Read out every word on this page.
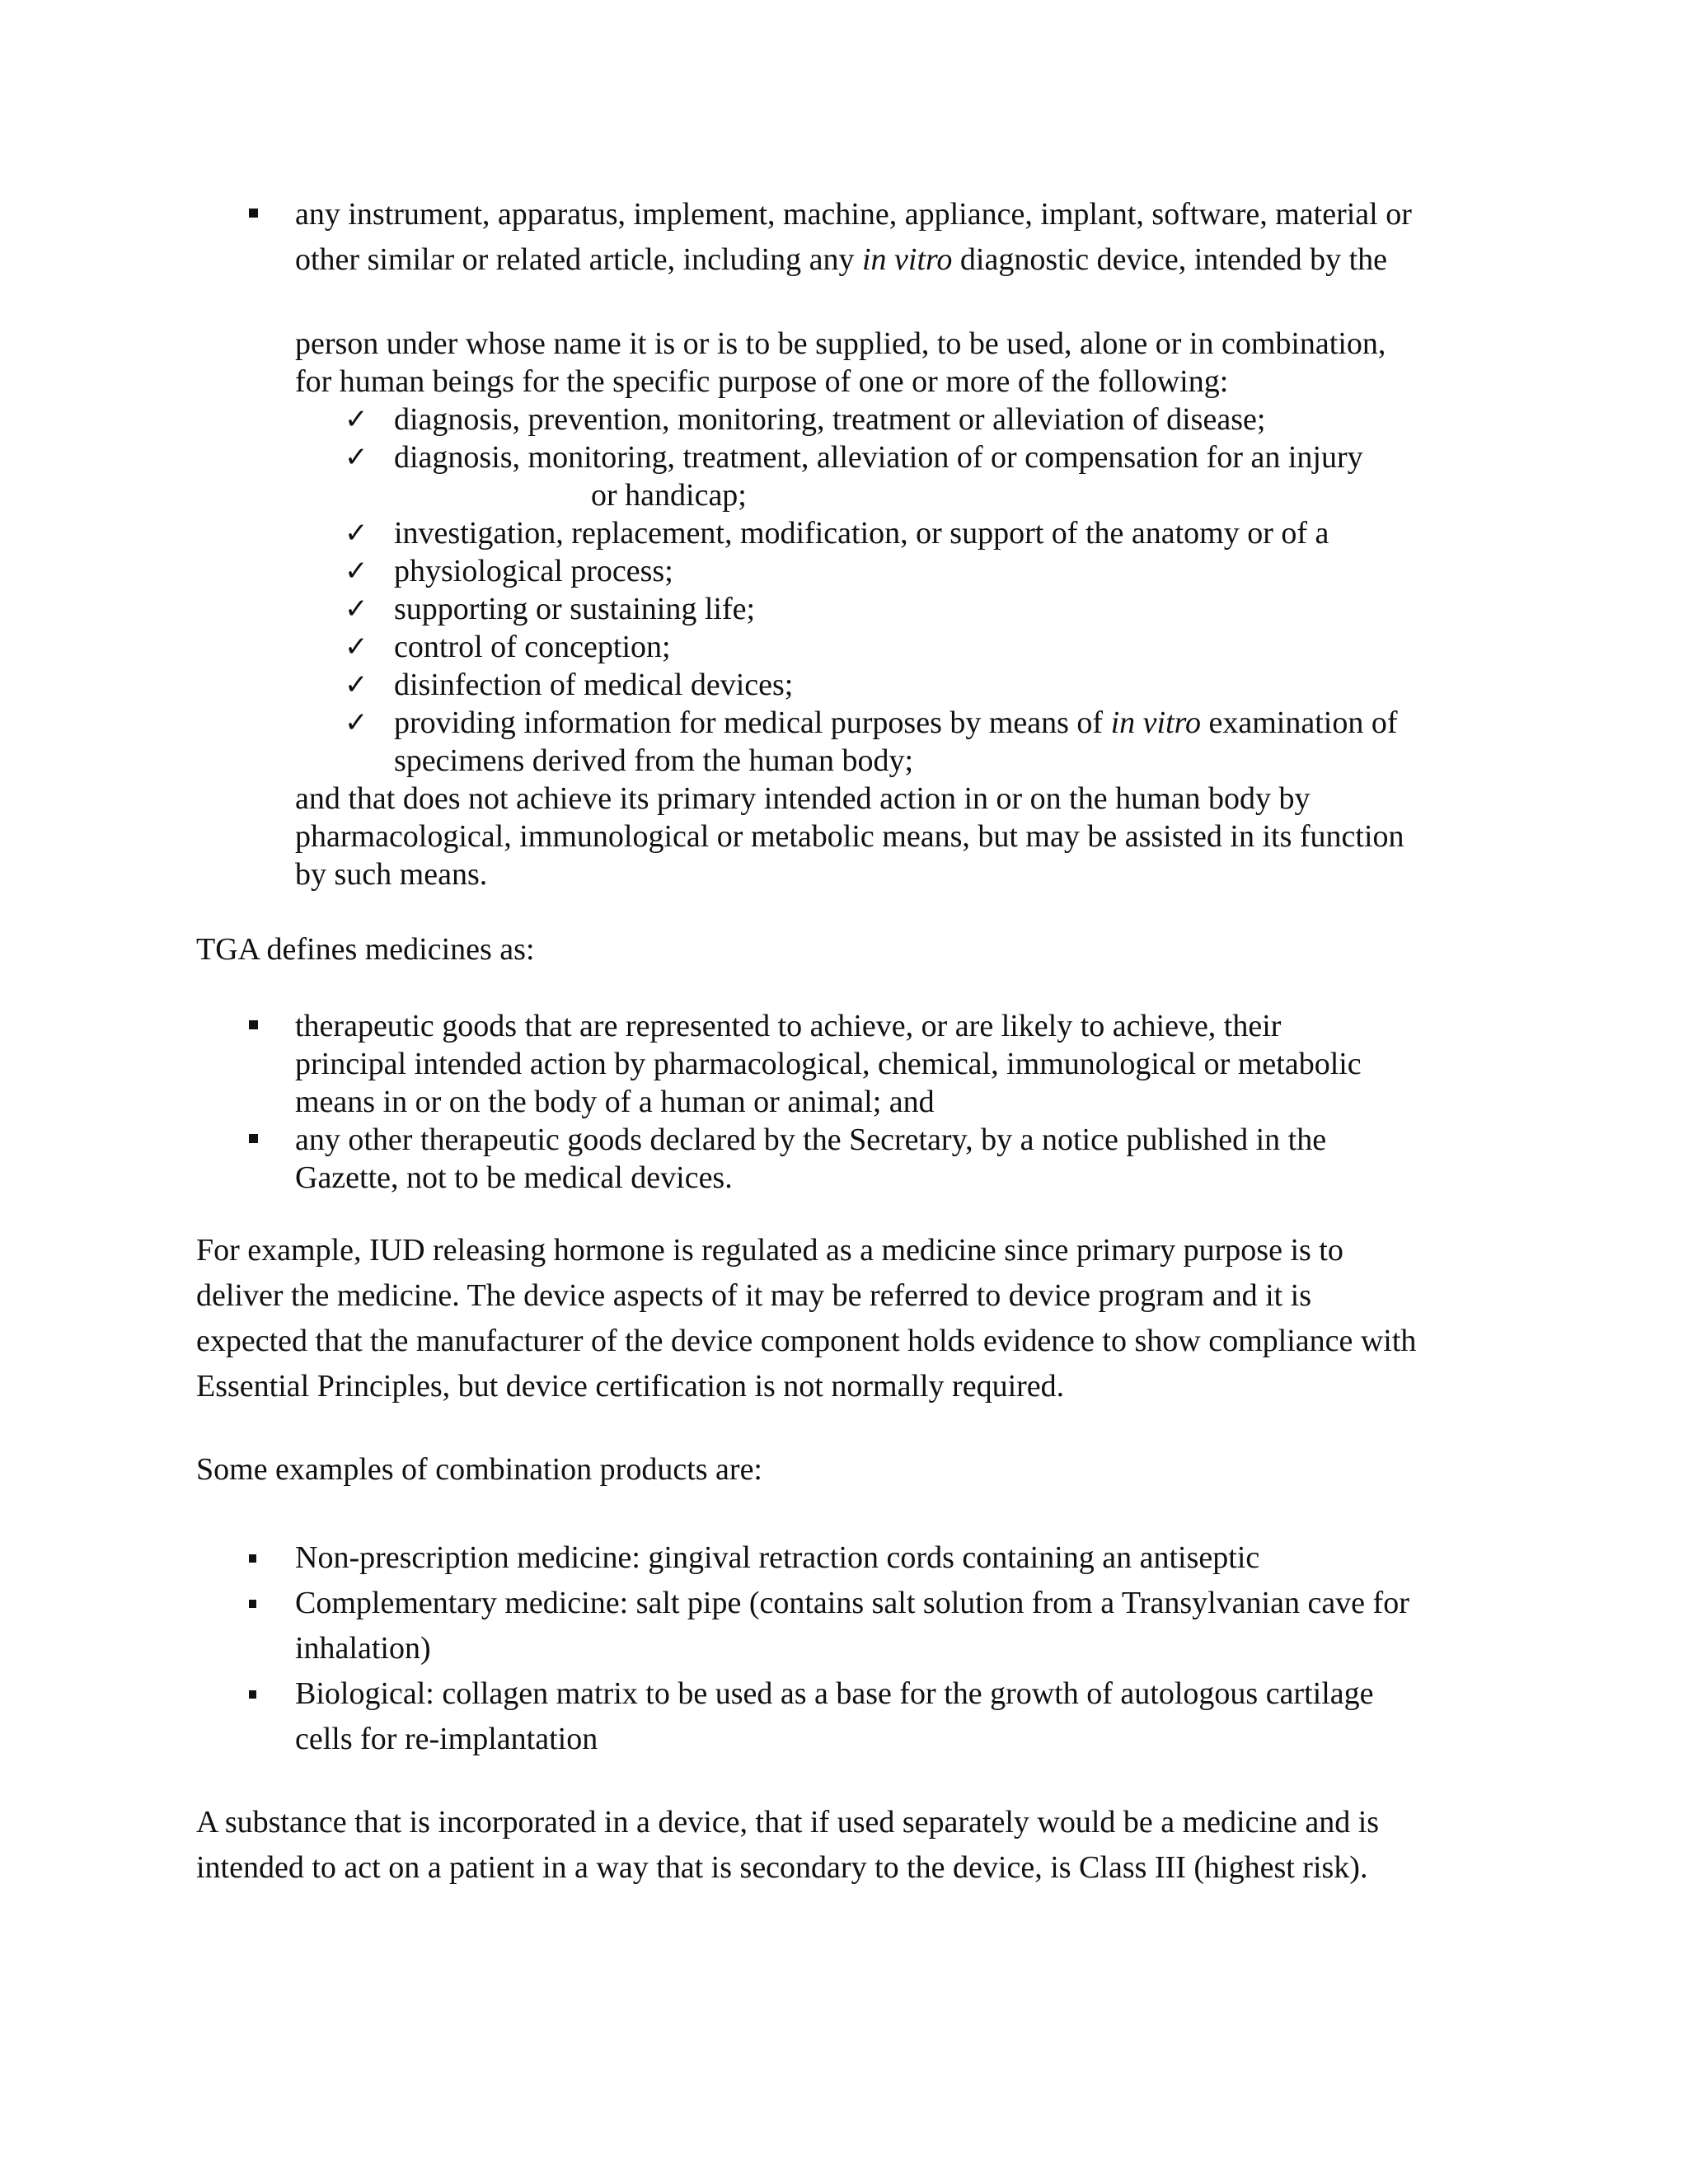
any instrument, apparatus, implement, machine, appliance, implant, software, material or

other similar or related article, including any in vitro diagnostic device, intended by the

person under whose name it is or is to be supplied, to be used, alone or in combination,

for human beings for the specific purpose of one or more of the following:

✓ diagnosis, prevention, monitoring, treatment or alleviation of disease;

✓ diagnosis, monitoring, treatment, alleviation of or compensation for an injury

or handicap;

✓ investigation, replacement, modification, or support of the anatomy or of a

✓ physiological process;

✓ supporting or sustaining life;

✓ control of conception;

✓ disinfection of medical devices;

✓ providing information for medical purposes by means of in vitro examination of

specimens derived from the human body;

and that does not achieve its primary intended action in or on the human body by

pharmacological, immunological or metabolic means, but may be assisted in its function

by such means.

TGA defines medicines as:

therapeutic goods that are represented to achieve, or are likely to achieve, their

principal intended action by pharmacological, chemical, immunological or metabolic

means in or on the body of a human or animal; and

any other therapeutic goods declared by the Secretary, by a notice published in the

Gazette, not to be medical devices.

For example, IUD releasing hormone is regulated as a medicine since primary purpose is to

deliver the medicine. The device aspects of it may be referred to device program and it is

expected that the manufacturer of the device component holds evidence to show compliance with

Essential Principles, but device certification is not normally required.

Some examples of combination products are:

Non-prescription medicine: gingival retraction cords containing an antiseptic

Complementary medicine: salt pipe (contains salt solution from a Transylvanian cave for

inhalation)

Biological: collagen matrix to be used as a base for the growth of autologous cartilage

cells for re-implantation

A substance that is incorporated in a device, that if used separately would be a medicine and is

intended to act on a patient in a way that is secondary to the device, is Class III (highest risk).
